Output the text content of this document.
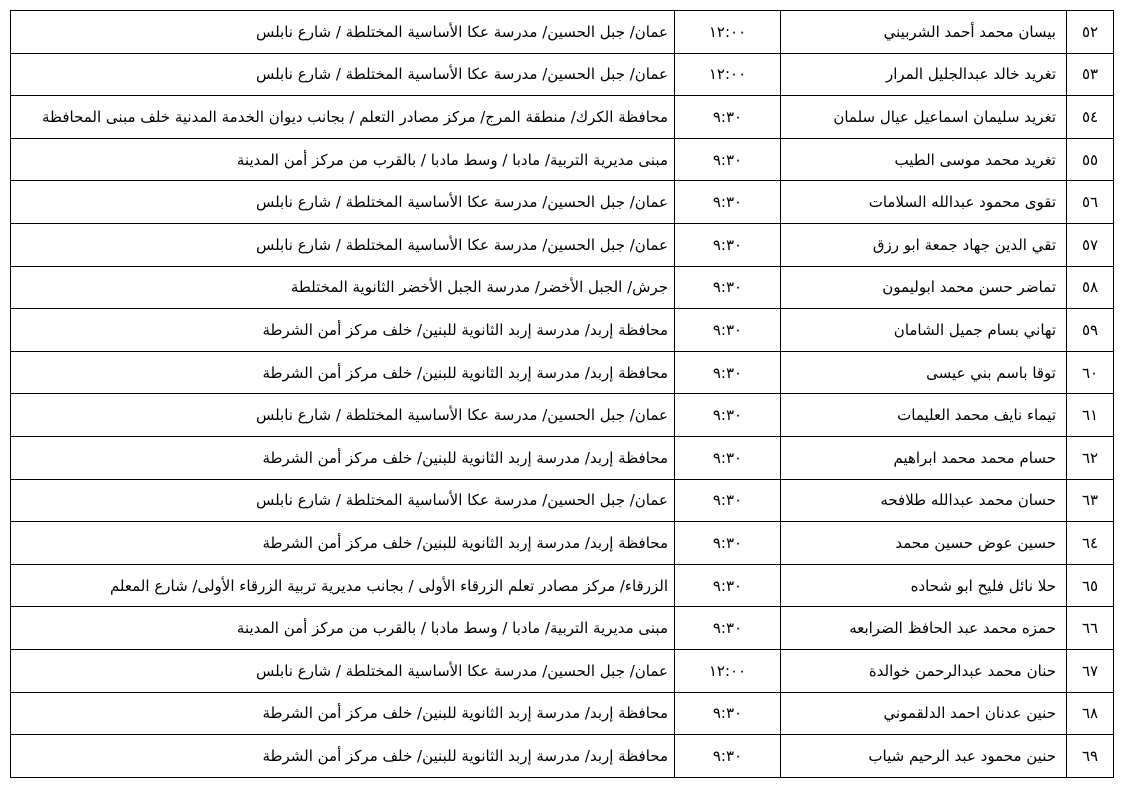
٥٢	بيسان محمد أحمد الشربيني	١٢:٠٠	عمان/ جبل الحسين/ مدرسة عكا الأساسية المختلطة / شارع نابلس
٥٣	تغريد خالد عبدالجليل المرار	١٢:٠٠	عمان/ جبل الحسين/ مدرسة عكا الأساسية المختلطة / شارع نابلس
٥٤	تغريد سليمان اسماعيل عيال سلمان	٩:٣٠	محافظة الكرك/ منطقة المرج/ مركز مصادر التعلم / بجانب ديوان الخدمة المدنية خلف مبنى المحافظة
٥٥	تغريد محمد موسى الطيب	٩:٣٠	مبنى مديرية التربية/ مادبا / وسط مادبا / بالقرب من مركز أمن المدينة
٥٦	تقوى محمود عبدالله السلامات	٩:٣٠	عمان/ جبل الحسين/ مدرسة عكا الأساسية المختلطة / شارع نابلس
٥٧	تقي الدين جهاد جمعة ابو رزق	٩:٣٠	عمان/ جبل الحسين/ مدرسة عكا الأساسية المختلطة / شارع نابلس
٥٨	تماضر حسن محمد ابوليمون	٩:٣٠	جرش/ الجبل الأخضر/ مدرسة الجبل الأخضر الثانوية المختلطة
٥٩	تهاني بسام جميل الشامان	٩:٣٠	محافظة إربد/ مدرسة إربد الثانوية للبنين/ خلف مركز أمن الشرطة
٦٠	توقا باسم بني عيسى	٩:٣٠	محافظة إربد/ مدرسة إربد الثانوية للبنين/ خلف مركز أمن الشرطة
٦١	تيماء نايف محمد العليمات	٩:٣٠	عمان/ جبل الحسين/ مدرسة عكا الأساسية المختلطة / شارع نابلس
٦٢	حسام محمد محمد ابراهيم	٩:٣٠	محافظة إربد/ مدرسة إربد الثانوية للبنين/ خلف مركز أمن الشرطة
٦٣	حسان محمد عبدالله طلافحه	٩:٣٠	عمان/ جبل الحسين/ مدرسة عكا الأساسية المختلطة / شارع نابلس
٦٤	حسين عوض حسين محمد	٩:٣٠	محافظة إربد/ مدرسة إربد الثانوية للبنين/ خلف مركز أمن الشرطة
٦٥	حلا نائل فليح ابو شحاده	٩:٣٠	الزرقاء/ مركز مصادر تعلم الزرقاء الأولى / بجانب مديرية تربية الزرقاء الأولى/ شارع المعلم
٦٦	حمزه محمد عبد الحافظ الضرابعه	٩:٣٠	مبنى مديرية التربية/ مادبا / وسط مادبا / بالقرب من مركز أمن المدينة
٦٧	حنان محمد عبدالرحمن خوالدة	١٢:٠٠	عمان/ جبل الحسين/ مدرسة عكا الأساسية المختلطة / شارع نابلس
٦٨	حنين عدنان احمد الدلقموني	٩:٣٠	محافظة إربد/ مدرسة إربد الثانوية للبنين/ خلف مركز أمن الشرطة
٦٩	حنين محمود عبد الرحيم شياب	٩:٣٠	محافظة إربد/ مدرسة إربد الثانوية للبنين/ خلف مركز أمن الشرطة
